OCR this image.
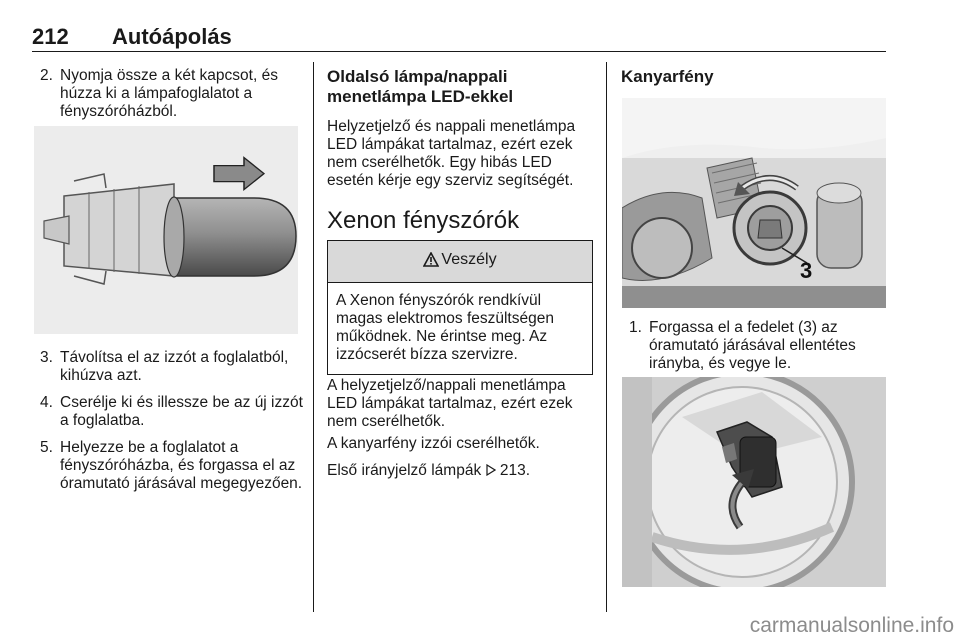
212 Autóápolás
2. Nyomja össze a két kapcsot, és húzza ki a lámpafoglalatot a fényszóróházból.
3. Távolítsa el az izzót a foglalatból, kihúzva azt.
4. Cserélje ki és illessze be az új izzót a foglalatba.
5. Helyezze be a foglalatot a fényszóróházba, és forgassa el az óramutató járásával megegyezően.
Oldalsó lámpa/nappali menetlámpa LED-ekkel
Helyzetjelző és nappali menetlámpa LED lámpákat tartalmaz, ezért ezek nem cserélhetők. Egy hibás LED esetén kérje egy szerviz segítségét.
Xenon fényszórók
Veszély
A Xenon fényszórók rendkívül magas elektromos feszültségen működnek. Ne érintse meg. Az izzócserét bízza szervizre.
A helyzetjelző/nappali menetlámpa LED lámpákat tartalmaz, ezért ezek nem cserélhetők.
A kanyarfény izzói cserélhetők.
Első irányjelző lámpák 213.
Kanyarfény
3
1. Forgassa el a fedelet (3) az óramutató járásával ellentétes irányba, és vegye le.
carmanualsonline.info
